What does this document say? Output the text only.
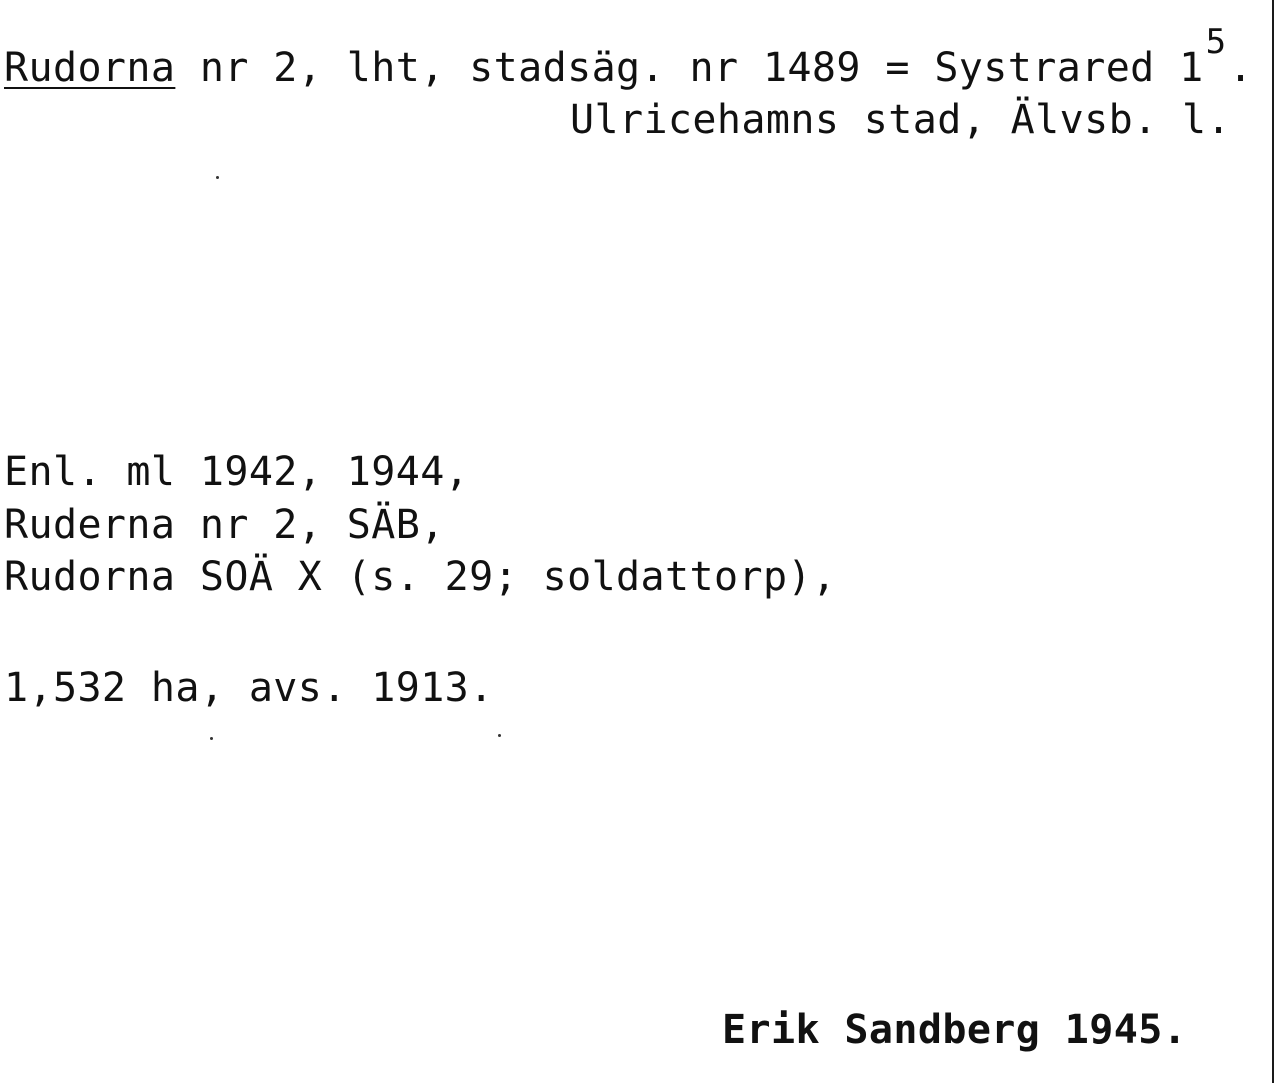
Rudorna nr 2, lht, stadsäg. nr 1489 = Systrared $1^5$.
Ulricehamns stad, Älvsb. l.
Enl. ml 1942, 1944,
Ruderna nr 2, SÄB,
Rudorna SOÄ X (s. 29; soldattorp),
1,532 ha, avs. 1913.
Erik Sandberg 1945.
